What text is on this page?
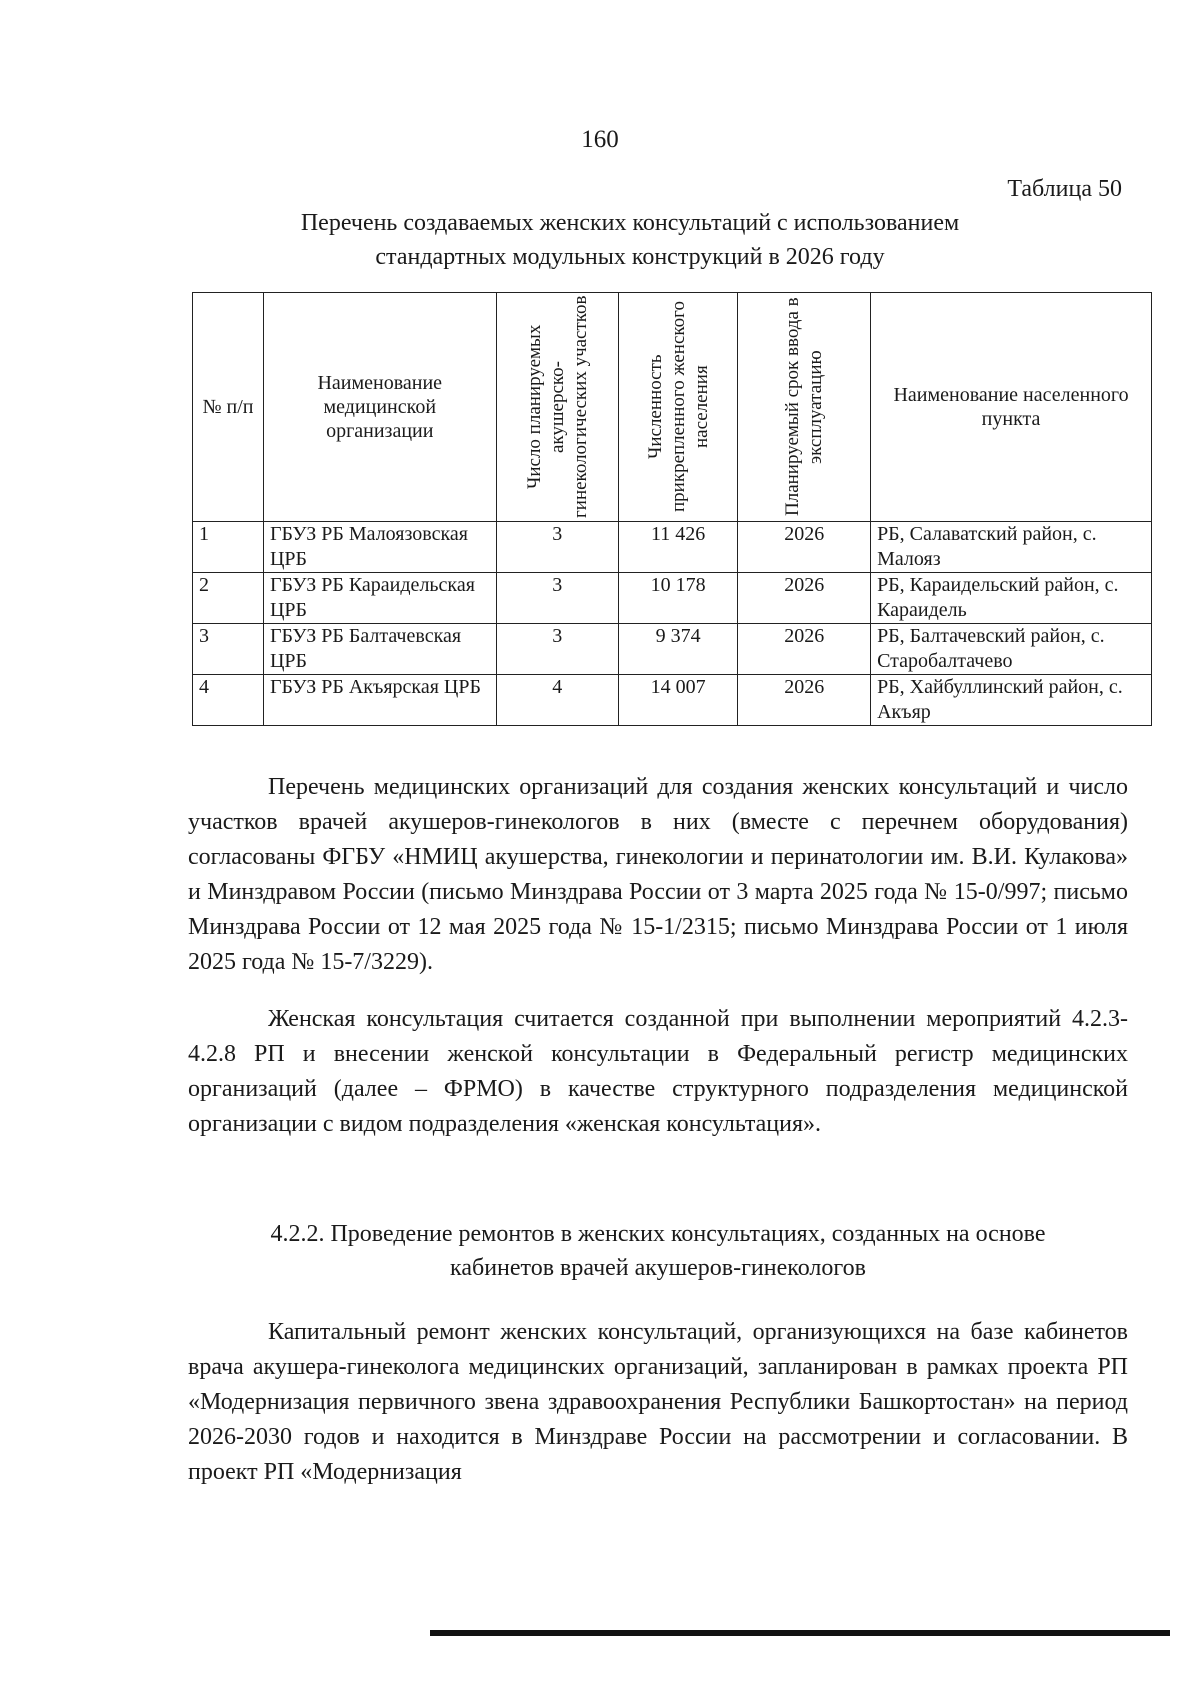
160
Таблица 50
Перечень создаваемых женских консультаций с использованием
стандартных модульных конструкций в 2026 году
№ п/п	Наименование медицинской организации	Число планируемых акушерско-гинекологических участков	Численность прикрепленного женского населения	Планируемый срок ввода в эксплуатацию	Наименование населенного пункта
1	ГБУЗ РБ Малоязовская ЦРБ	3	11 426	2026	РБ, Салаватский район, с. Малояз
2	ГБУЗ РБ Караидельская ЦРБ	3	10 178	2026	РБ, Караидельский район, с. Караидель
3	ГБУЗ РБ Балтачевская ЦРБ	3	9 374	2026	РБ, Балтачевский район, с. Старобалтачево
4	ГБУЗ РБ Акъярская ЦРБ	4	14 007	2026	РБ, Хайбуллинский район, с. Акъяр

Перечень медицинских организаций для создания женских консультаций и число участков врачей акушеров-гинекологов в них (вместе с перечнем оборудования) согласованы ФГБУ «НМИЦ акушерства, гинекологии и перинатологии им. В.И. Кулакова» и Минздравом России (письмо Минздрава России от 3 марта 2025 года № 15-0/997; письмо Минздрава России от 12 мая 2025 года № 15-1/2315; письмо Минздрава России от 1 июля 2025 года № 15-7/3229).

Женская консультация считается созданной при выполнении мероприятий 4.2.3-4.2.8 РП и внесении женской консультации в Федеральный регистр медицинских организаций (далее – ФРМО) в качестве структурного подразделения медицинской организации с видом подразделения «женская консультация».

4.2.2. Проведение ремонтов в женских консультациях, созданных на основе
кабинетов врачей акушеров-гинекологов

Капитальный ремонт женских консультаций, организующихся на базе кабинетов врача акушера-гинеколога медицинских организаций, запланирован в рамках проекта РП «Модернизация первичного звена здравоохранения Республики Башкортостан» на период 2026-2030 годов и находится в Минздраве России на рассмотрении и согласовании. В проект РП «Модернизация
